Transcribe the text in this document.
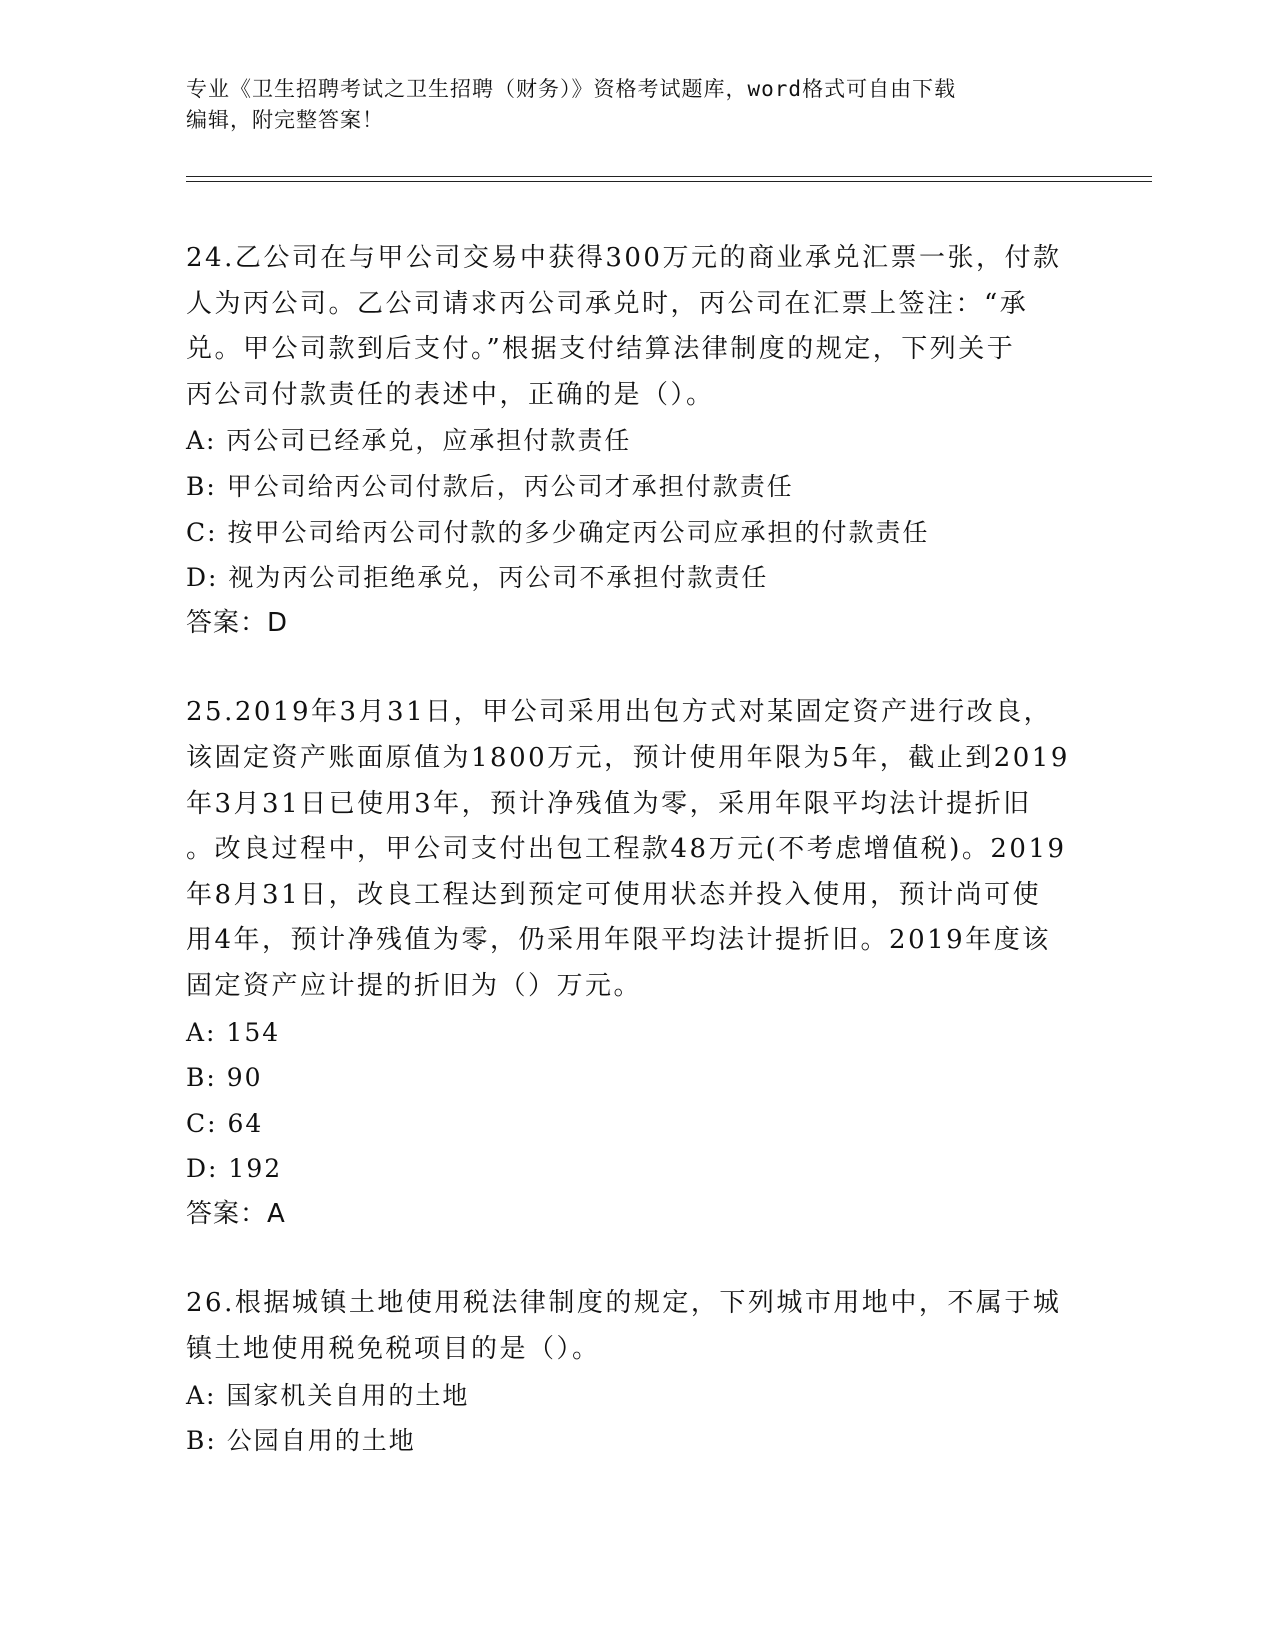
专业《卫生招聘考试之卫生招聘（财务）》资格考试题库，word格式可自由下载

编辑，附完整答案！

24.乙公司在与甲公司交易中获得300万元的商业承兑汇票一张，付款

人为丙公司。乙公司请求丙公司承兑时，丙公司在汇票上签注：“承

兑。甲公司款到后支付。”根据支付结算法律制度的规定，下列关于

丙公司付款责任的表述中，正确的是（）。

A: 丙公司已经承兑，应承担付款责任

B: 甲公司给丙公司付款后，丙公司才承担付款责任

C: 按甲公司给丙公司付款的多少确定丙公司应承担的付款责任

D: 视为丙公司拒绝承兑，丙公司不承担付款责任

答案：D

25.2019年3月31日，甲公司采用出包方式对某固定资产进行改良，

该固定资产账面原值为1800万元，预计使用年限为5年，截止到2019

年3月31日已使用3年，预计净残值为零，采用年限平均法计提折旧

。改良过程中，甲公司支付出包工程款48万元(不考虑增值税)。2019

年8月31日，改良工程达到预定可使用状态并投入使用，预计尚可使

用4年，预计净残值为零，仍采用年限平均法计提折旧。2019年度该

固定资产应计提的折旧为（）万元。

A: 154

B: 90

C: 64

D: 192

答案：A

26.根据城镇土地使用税法律制度的规定，下列城市用地中，不属于城

镇土地使用税免税项目的是（）。

A: 国家机关自用的土地

B: 公园自用的土地
